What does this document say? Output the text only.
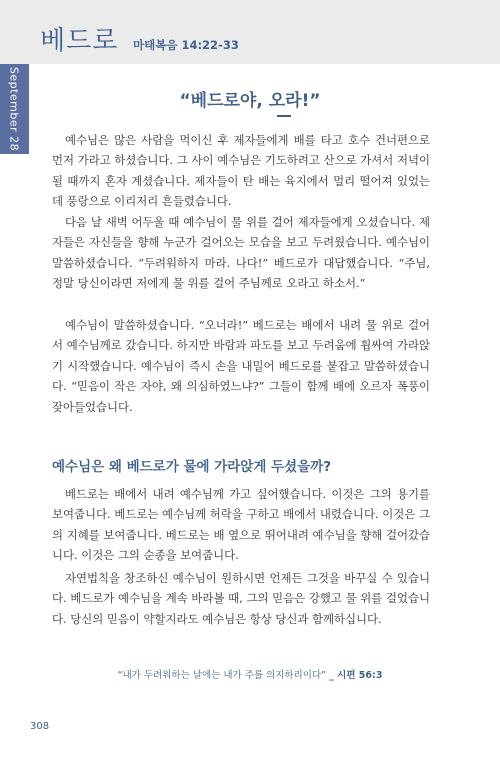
베드로 마태복음 14:22-33
September 28	“베드로야, 오라!”

예수님은 많은 사람을 먹이신 후 제자들에게 배를 타고 호수 건너편으로 먼저 가라고 하셨습니다. 그 사이 예수님은 기도하려고 산으로 가셔서 저녁이 될 때까지 혼자 계셨습니다. 제자들이 탄 배는 육지에서 멀리 떨어져 있었는데 풍랑으로 이리저리 흔들렸습니다.

다음 날 새벽 어두울 때 예수님이 물 위를 걸어 제자들에게 오셨습니다. 제자들은 자신들을 향해 누군가 걸어오는 모습을 보고 두려웠습니다. 예수님이 말씀하셨습니다. “두려워하지 마라. 나다!” 베드로가 대답했습니다. “주님, 정말 당신이라면 저에게 물 위를 걸어 주님께로 오라고 하소서.”

예수님이 말씀하셨습니다. “오너라!” 베드로는 배에서 내려 물 위로 걸어서 예수님께로 갔습니다. 하지만 바람과 파도를 보고 두려움에 휩싸여 가라앉기 시작했습니다. 예수님이 즉시 손을 내밀어 베드로를 붙잡고 말씀하셨습니다. “믿음이 작은 자야, 왜 의심하였느냐?” 그들이 함께 배에 오르자 폭풍이 잦아들었습니다.

예수님은 왜 베드로가 물에 가라앉게 두셨을까?

베드로는 배에서 내려 예수님께 가고 싶어했습니다. 이것은 그의 용기를 보여줍니다. 베드로는 예수님께 허락을 구하고 배에서 내렸습니다. 이것은 그의 지혜를 보여줍니다. 베드로는 배 옆으로 뛰어내려 예수님을 향해 걸어갔습니다. 이것은 그의 순종을 보여줍니다.

자연법칙을 창조하신 예수님이 원하시면 언제든 그것을 바꾸실 수 있습니다. 베드로가 예수님을 계속 바라볼 때, 그의 믿음은 강했고 물 위를 걸었습니다. 당신의 믿음이 약할지라도 예수님은 항상 당신과 함께하십니다.

“내가 두려워하는 날에는 내가 주를 의지하리이다” _ 시편 56:3
308
